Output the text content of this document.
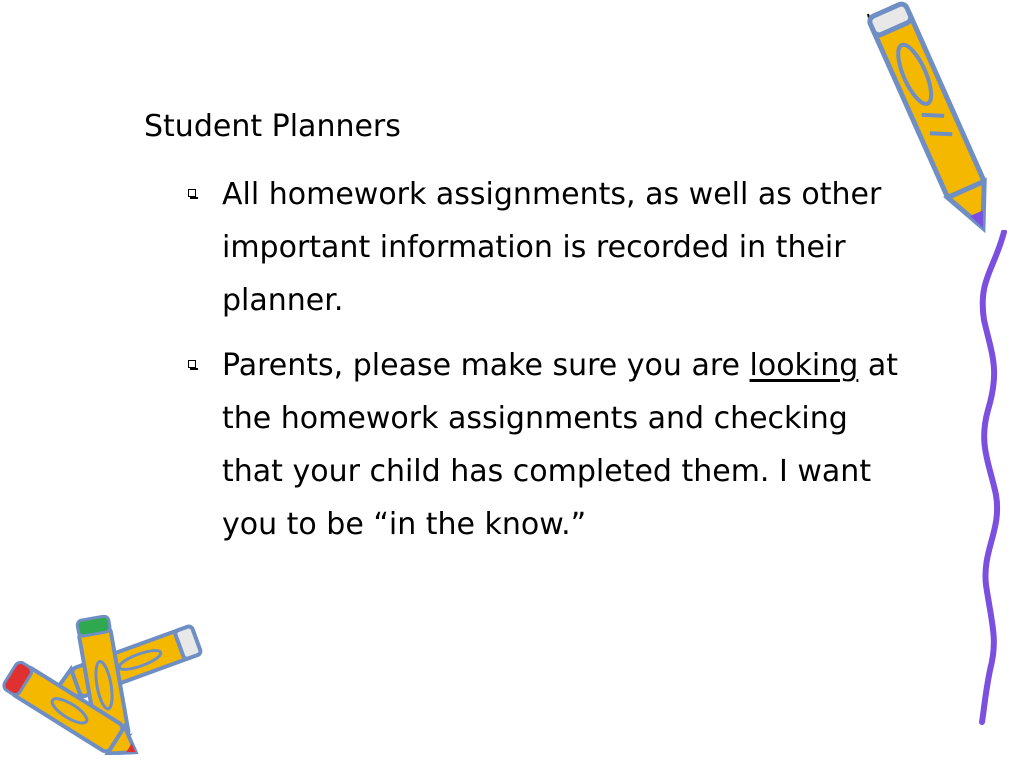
Student Planners
All homework assignments, as well as other important information is recorded in their planner.
Parents, please make sure you are looking at the homework assignments and checking that your child has completed them. I want you to be “in the know.”
